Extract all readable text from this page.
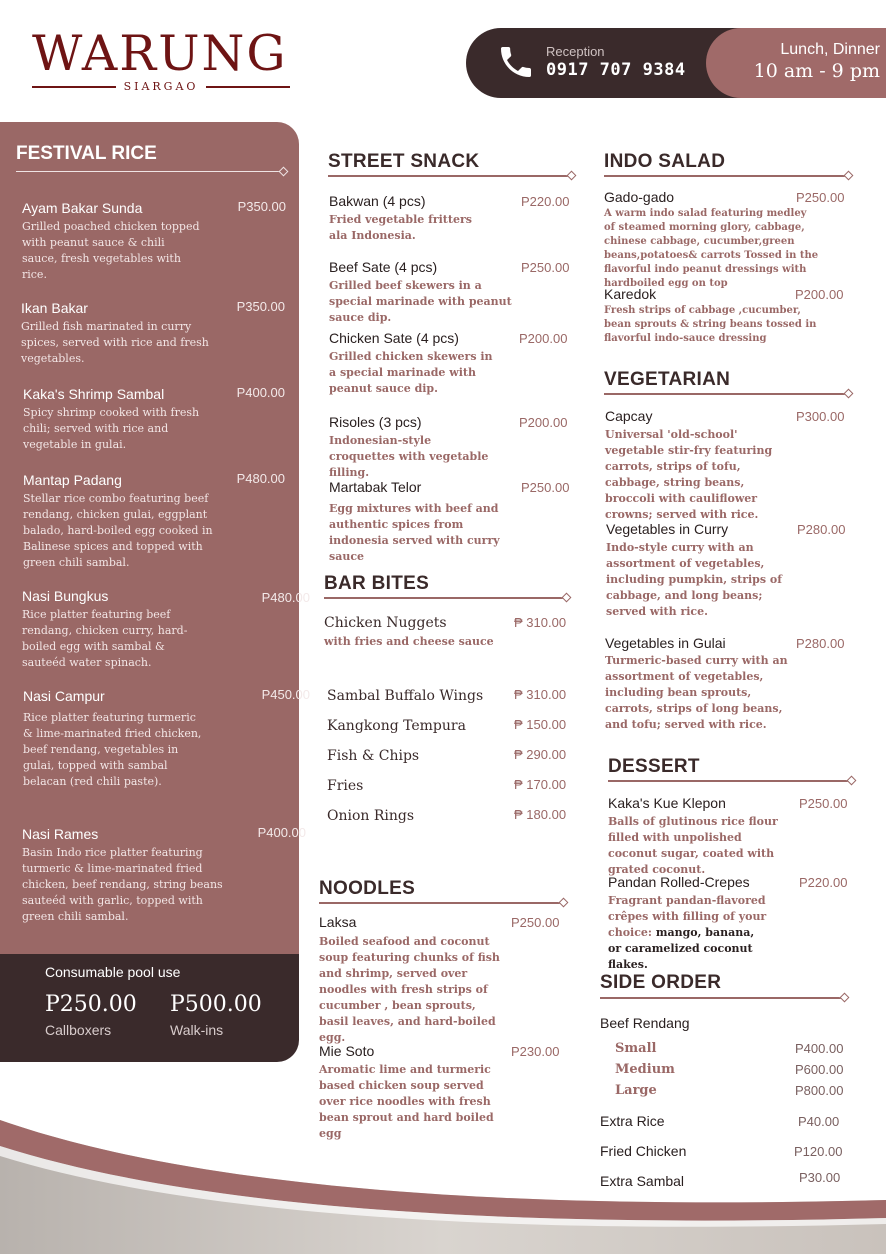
WARUNG
SIARGAO
Reception
0917 707 9384
Lunch, Dinner
10 am - 9 pm
FESTIVAL RICE
Ayam Bakar Sunda	P350.00
Grilled poached chicken topped with peanut sauce & chili sauce, fresh vegetables with rice.
Ikan Bakar	P350.00
Grilled fish marinated in curry spices, served with rice and fresh vegetables.
Kaka's Shrimp Sambal	P400.00
Spicy shrimp cooked with fresh chili; served with rice and vegetable in gulai.
Mantap Padang	P480.00
Stellar rice combo featuring beef rendang, chicken gulai, eggplant balado, hard-boiled egg cooked in Balinese spices and topped with green chili sambal.
Nasi Bungkus	P480.00
Rice platter featuring beef rendang, chicken curry, hard-boiled egg with sambal & sauteéd water spinach.
Nasi Campur	P450.00
Rice platter featuring turmeric & lime-marinated fried chicken, beef rendang, vegetables in gulai, topped with sambal belacan (red chili paste).
Nasi Rames	P400.00
Basin Indo rice platter featuring turmeric & lime-marinated fried chicken, beef rendang, string beans sauteéd with garlic, topped with green chili sambal.
Consumable pool use
P250.00
Callboxers
P500.00
Walk-ins
STREET SNACK
Bakwan (4 pcs)	P220.00
Fried vegetable fritters ala Indonesia.
Beef Sate (4 pcs)	P250.00
Grilled beef skewers in a special marinade with peanut sauce dip.
Chicken Sate (4 pcs)	P200.00
Grilled chicken skewers in a special marinade with peanut sauce dip.
Risoles (3 pcs)	P200.00
Indonesian-style croquettes with vegetable filling.
Martabak Telor	P250.00
Egg mixtures with beef and authentic spices from indonesia served with curry sauce
BAR BITES
Chicken Nuggets	₱ 310.00
with fries and cheese sauce
Sambal Buffalo Wings ₱ 310.00
Kangkong Tempura	₱ 150.00
Fish & Chips	₱ 290.00
Fries	₱ 170.00
Onion Rings	₱ 180.00
NOODLES
Laksa	P250.00
Boiled seafood and coconut soup featuring chunks of fish and shrimp, served over noodles with fresh strips of cucumber , bean sprouts, basil leaves, and hard-boiled egg.
Mie Soto	P230.00
Aromatic lime and turmeric based chicken soup served over rice noodles with fresh bean sprout and hard boiled egg
INDO SALAD
Gado-gado	P250.00
A warm indo salad featuring medley of steamed morning glory, cabbage, chinese cabbage, cucumber,green beans,potatoes& carrots Tossed in the flavorful indo peanut dressings with hardboiled egg on top
Karedok	P200.00
Fresh strips of cabbage ,cucumber, bean sprouts & string beans tossed in flavorful indo-sauce dressing
VEGETARIAN
Capcay	P300.00
Universal 'old-school' vegetable stir-fry featuring carrots, strips of tofu, cabbage, string beans, broccoli with cauliflower crowns; served with rice.
Vegetables in Curry	P280.00
Indo-style curry with an assortment of vegetables, including pumpkin, strips of cabbage, and long beans; served with rice.
Vegetables in Gulai	P280.00
Turmeric-based curry with an assortment of vegetables, including bean sprouts, carrots, strips of long beans, and tofu; served with rice.
DESSERT
Kaka's Kue Klepon	P250.00
Balls of glutinous rice flour filled with unpolished coconut sugar, coated with grated coconut.
Pandan Rolled-Crepes	P220.00
Fragrant pandan-flavored crêpes with filling of your choice: mango, banana, or caramelized coconut flakes.
SIDE ORDER
Beef Rendang
Small	P400.00
Medium	P600.00
Large	P800.00
Extra Rice	P40.00
Fried Chicken	P120.00
Extra Sambal	P30.00
